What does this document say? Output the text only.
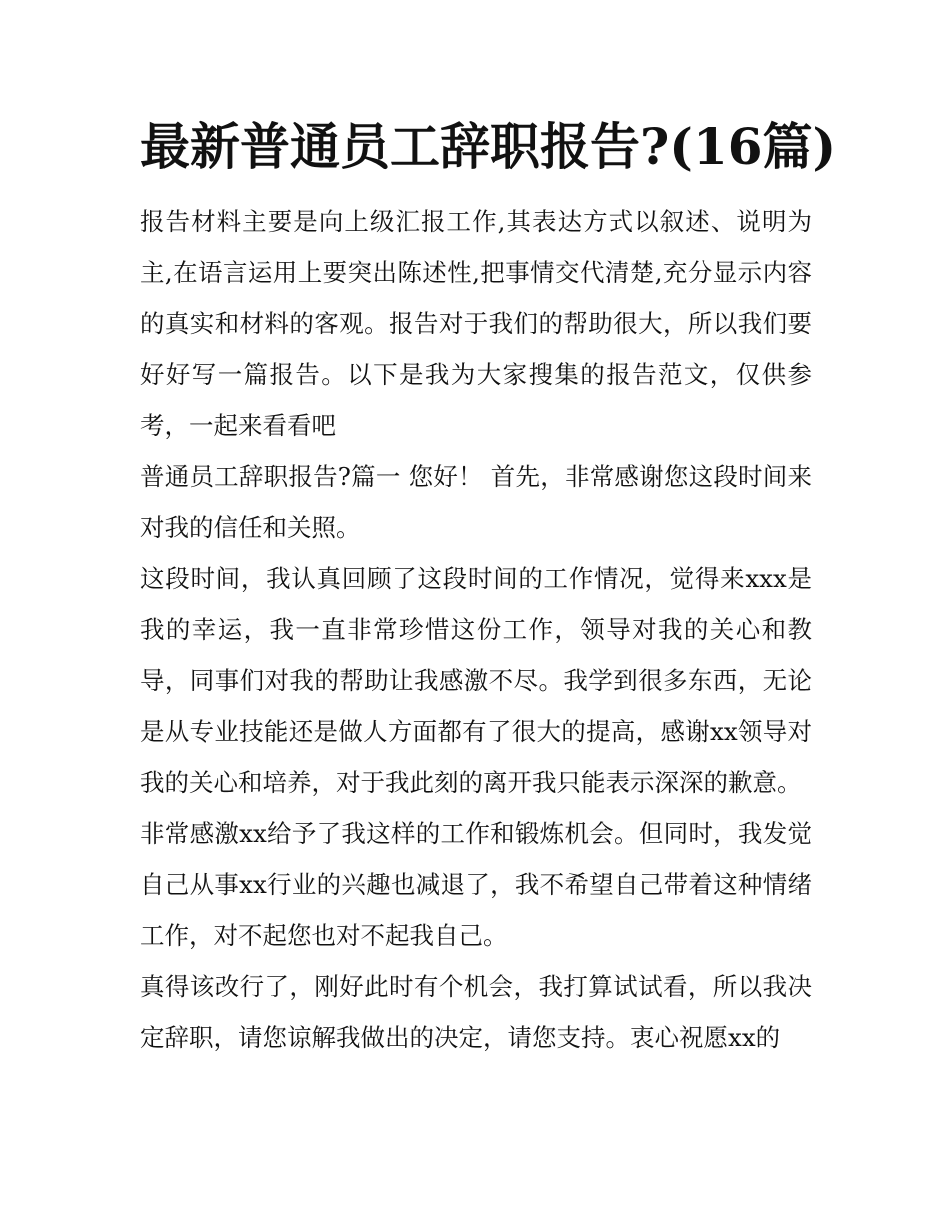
最新普通员工辞职报告?(16篇)

报告材料主要是向上级汇报工作,其表达方式以叙述、说明为主,在语言运用上要突出陈述性,把事情交代清楚,充分显示内容的真实和材料的客观。报告对于我们的帮助很大，所以我们要好好写一篇报告。以下是我为大家搜集的报告范文，仅供参考，一起来看看吧

普通员工辞职报告?篇一 您好！ 首先，非常感谢您这段时间来对我的信任和关照。

这段时间，我认真回顾了这段时间的工作情况，觉得来xxx是我的幸运，我一直非常珍惜这份工作，领导对我的关心和教导，同事们对我的帮助让我感激不尽。我学到很多东西，无论是从专业技能还是做人方面都有了很大的提高，感谢xx领导对我的关心和培养，对于我此刻的离开我只能表示深深的歉意。

非常感激xx给予了我这样的工作和锻炼机会。但同时，我发觉自己从事xx行业的兴趣也减退了，我不希望自己带着这种情绪工作，对不起您也对不起我自己。

真得该改行了，刚好此时有个机会，我打算试试看，所以我决定辞职，请您谅解我做出的决定，请您支持。衷心祝愿xx的
